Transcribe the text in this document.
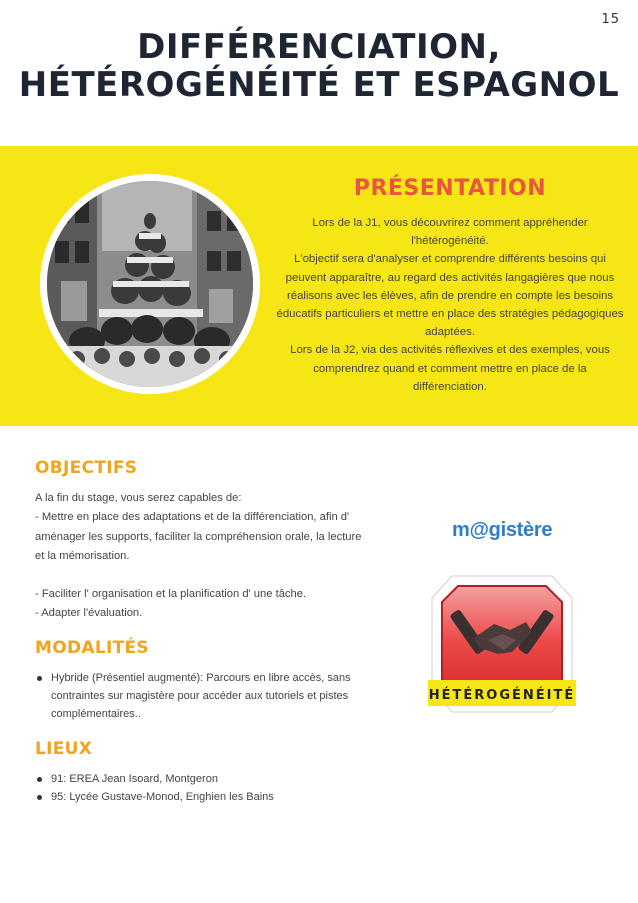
15
DIFFÉRENCIATION,
HÉTÉROGÉNÉITÉ ET ESPAGNOL
PRÉSENTATION

Lors de la J1, vous découvrirez comment appréhender l'hétérogénéité.

L'objectif sera d'analyser et comprendre différents besoins qui peuvent apparaître, au regard des activités langagières que nous réalisons avec les élèves, afin de prendre en compte les besoins éducatifs particuliers et mettre en place des stratégies pédagogiques adaptées.

Lors de la J2, via des activités réflexives et des exemples, vous comprendrez quand et comment mettre en place de la différenciation.

OBJECTIFS

A la fin du stage, vous serez capables de:

- Mettre en place des adaptations et de la différenciation, afin d' aménager les supports, faciliter la compréhension orale, la lecture et la mémorisation.

- Faciliter l' organisation et la planification d' une tâche.

- Adapter l'évaluation.

MODALITÉS
Hybride (Présentiel augmenté): Parcours en libre accès, sans contraintes sur magistère pour accéder aux tutoriels et pistes complémentaires..
LIEUX
91: EREA Jean Isoard, Montgeron
95: Lycée Gustave-Monod, Enghien les Bains
m@gistère
HÉTÉROGÉNÉITÉ
